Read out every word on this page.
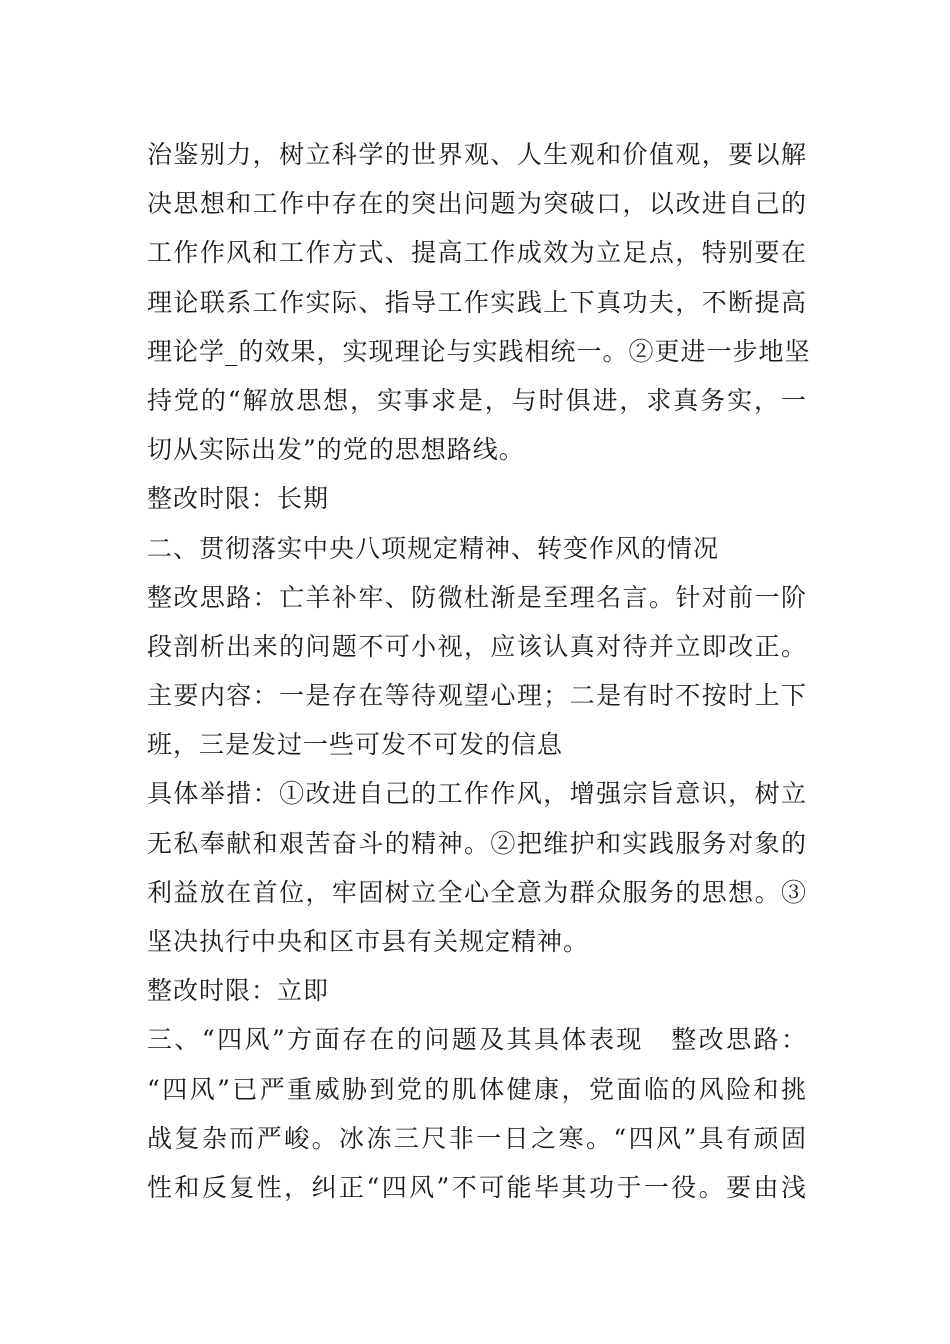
治鉴别力，树立科学的世界观、人生观和价值观，要以解
决思想和工作中存在的突出问题为突破口，以改进自己的
工作作风和工作方式、提高工作成效为立足点，特别要在
理论联系工作实际、指导工作实践上下真功夫，不断提高
理论学_的效果，实现理论与实践相统一。②更进一步地坚
持党的“解放思想，实事求是，与时俱进，求真务实，一
切从实际出发”的党的思想路线。
整改时限：长期
二、贯彻落实中央八项规定精神、转变作风的情况
整改思路：亡羊补牢、防微杜渐是至理名言。针对前一阶
段剖析出来的问题不可小视，应该认真对待并立即改正。
主要内容：一是存在等待观望心理；二是有时不按时上下
班，三是发过一些可发不可发的信息
具体举措：①改进自己的工作作风，增强宗旨意识，树立
无私奉献和艰苦奋斗的精神。②把维护和实践服务对象的
利益放在首位，牢固树立全心全意为群众服务的思想。③
坚决执行中央和区市县有关规定精神。
整改时限：立即
三、“四风”方面存在的问题及其具体表现　整改思路：
“四风”已严重威胁到党的肌体健康，党面临的风险和挑
战复杂而严峻。冰冻三尺非一日之寒。“四风”具有顽固
性和反复性，纠正“四风”不可能毕其功于一役。要由浅
